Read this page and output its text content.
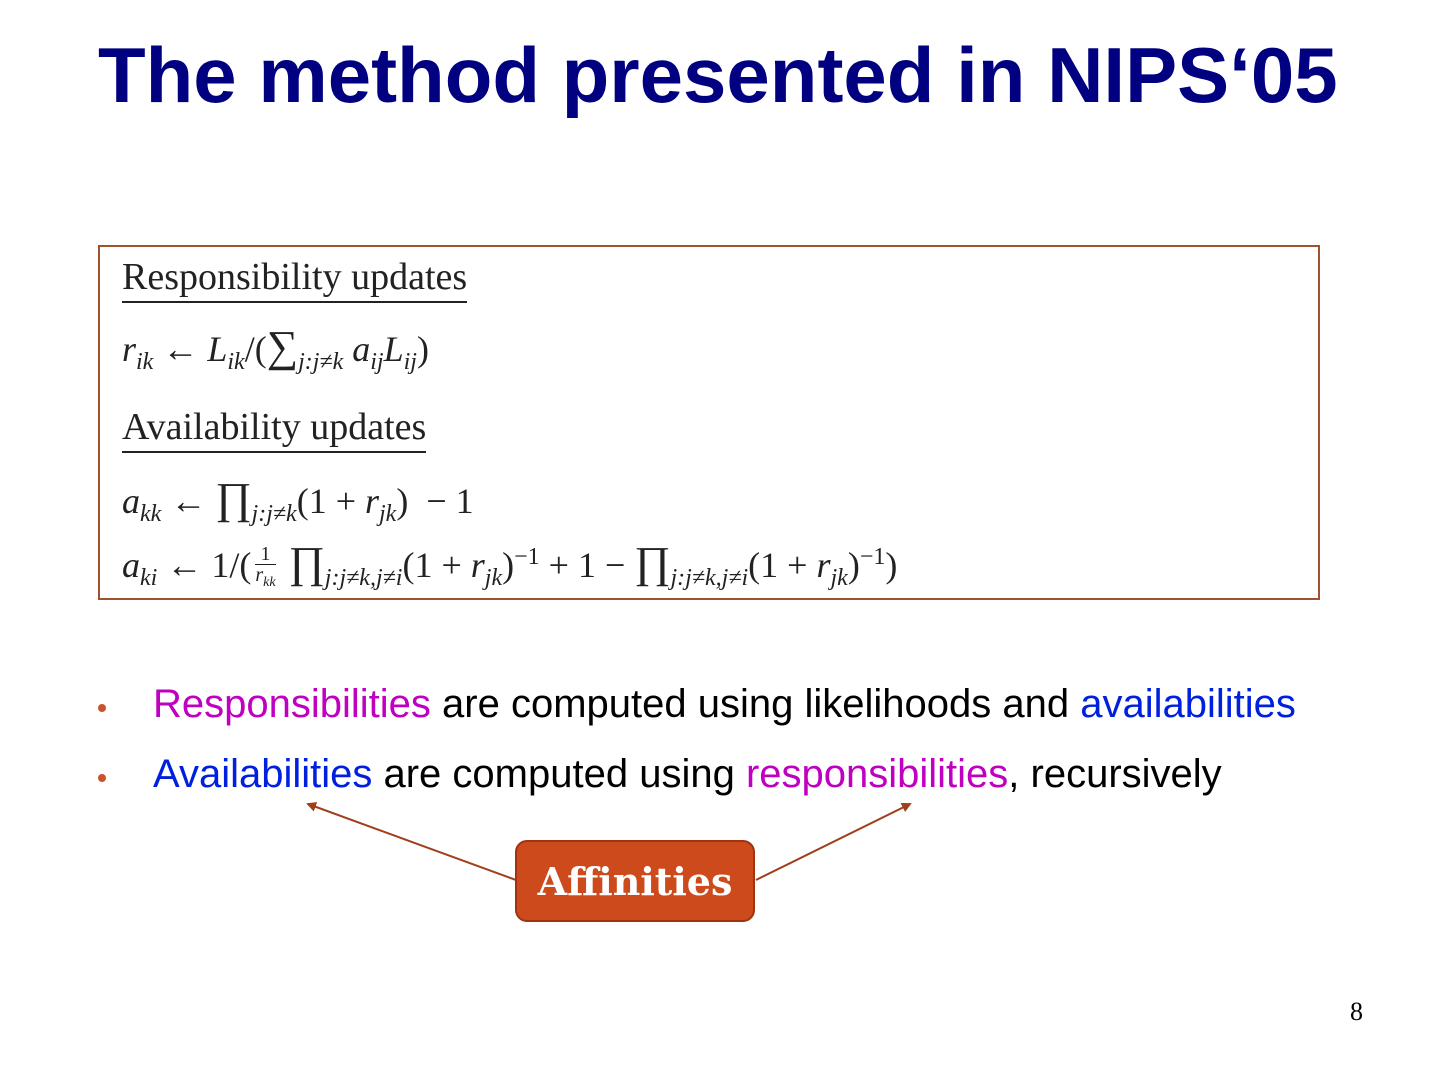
The method presented in NIPS‘05
Responsibility updates
$r_{ik}$ ← $L_{ik}/(\sum_{j:j\ne k}$ $a_{ij}L_{ij}$)
Availability updates
$a_{kk}$ ← $\prod_{j:j\ne k}(1 + r_{jk}) - 1$
$a_{ki}$ ← $1/( \frac{1}{r_{kk}}$ $\prod_{j:j\ne k,j\ne i}(1 + r_{jk})^{-1} + 1$ − $\prod_{j:j\ne k,j\ne i}(1 + r_{jk})^{-1}$)
Responsibilities are computed using likelihoods and availabilities
Availabilities are computed using responsibilities, recursively
Affinities
8
